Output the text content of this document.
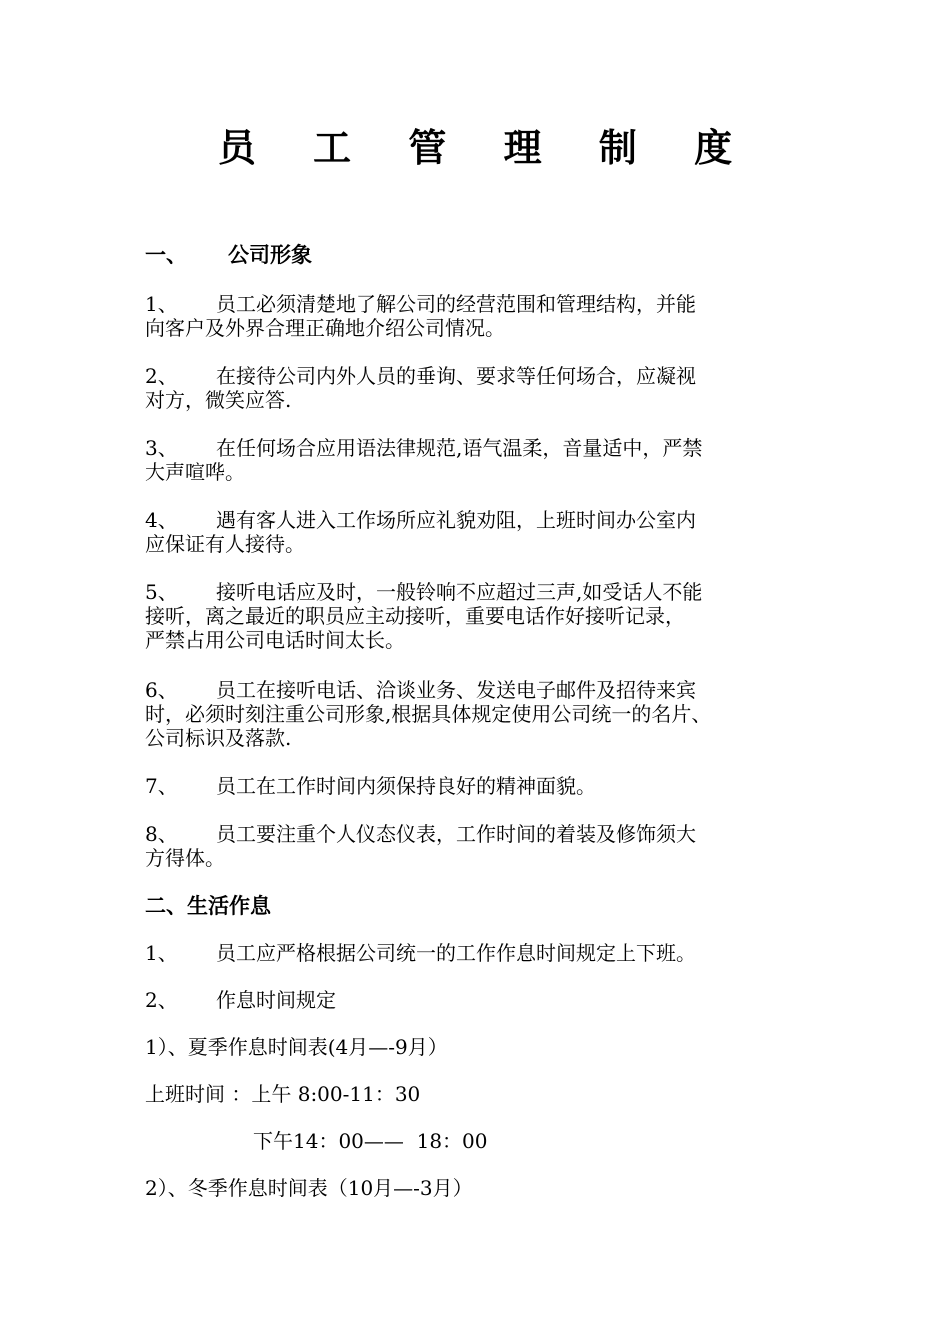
员 工 管 理 制 度
一、 公司形象
1、 员工必须清楚地了解公司的经营范围和管理结构，并能
向客户及外界合理正确地介绍公司情况。
2、 在接待公司内外人员的垂询、要求等任何场合，应凝视
对方，微笑应答.
3、 在任何场合应用语法律规范,语气温柔，音量适中，严禁
大声喧哗。
4、 遇有客人进入工作场所应礼貌劝阻，上班时间办公室内
应保证有人接待。
5、 接听电话应及时，一般铃响不应超过三声,如受话人不能
接听，离之最近的职员应主动接听，重要电话作好接听记录，
严禁占用公司电话时间太长。
6、 员工在接听电话、洽谈业务、发送电子邮件及招待来宾
时，必须时刻注重公司形象,根据具体规定使用公司统一的名片、
公司标识及落款.
7、 员工在工作时间内须保持良好的精神面貌。
8、 员工要注重个人仪态仪表，工作时间的着装及修饰须大
方得体。
二、生活作息
1、 员工应严格根据公司统一的工作作息时间规定上下班。
2、 作息时间规定
1）、夏季作息时间表(4月—-9月）
上班时间 ：上午 8:00-11：30
下午14：00——  18：00
2）、冬季作息时间表（10月—-3月）
